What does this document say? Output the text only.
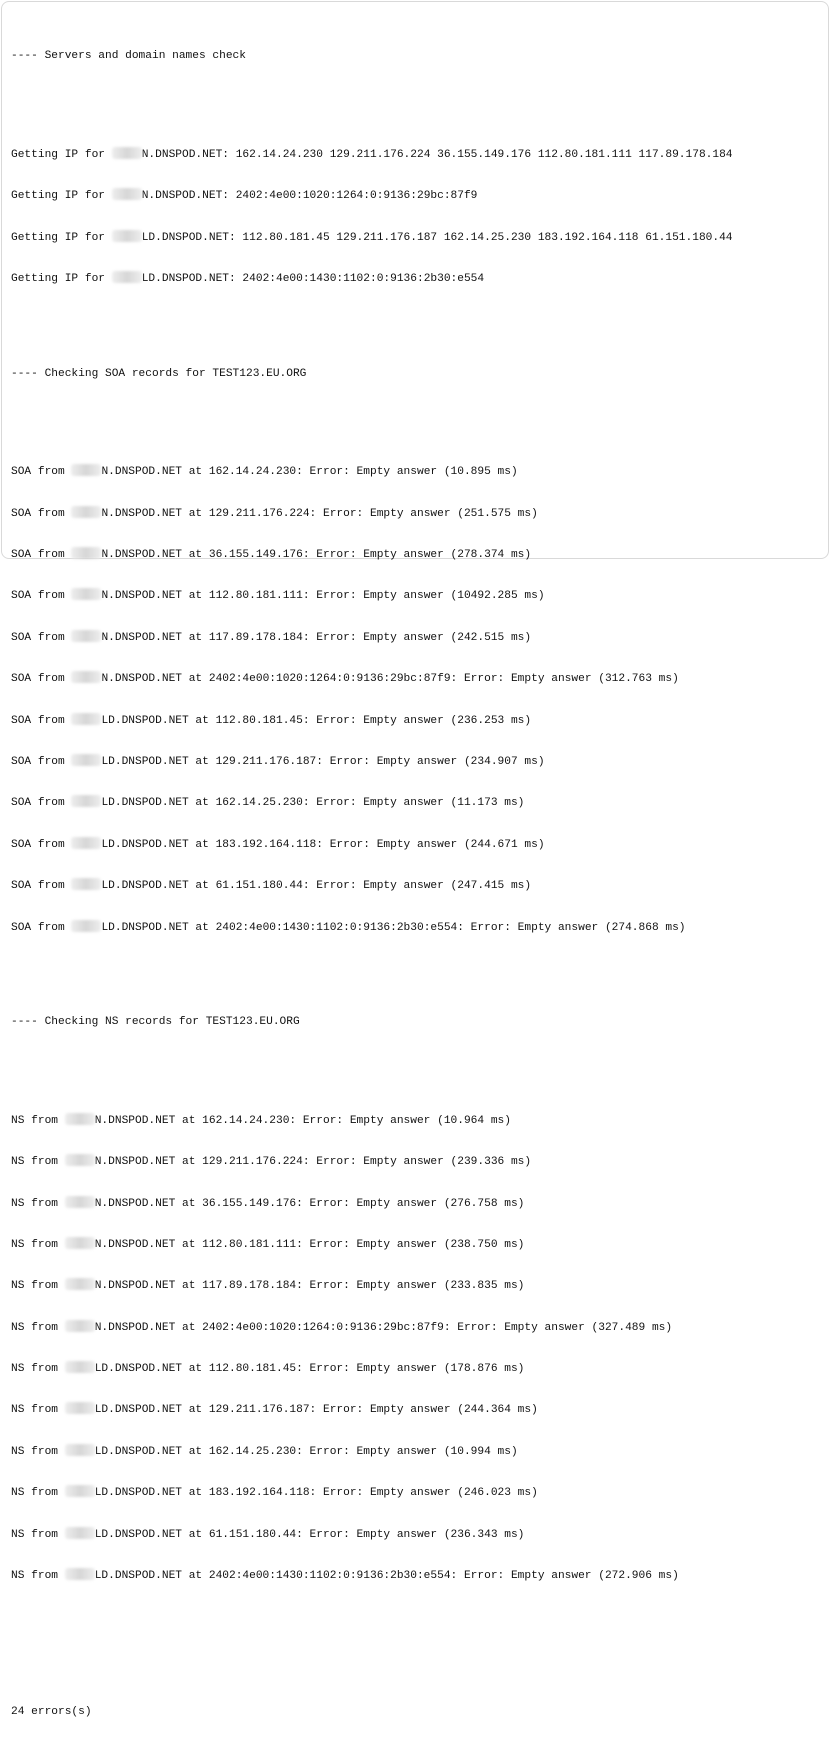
---- Servers and domain names check

Getting IP for	N.DNSPOD.NET: 162.14.24.230 129.211.176.224 36.155.149.176 112.80.181.111 117.89.178.184

Getting IP for	N.DNSPOD.NET: 2402:4e00:1020:1264:0:9136:29bc:87f9

Getting IP for	LD.DNSPOD.NET: 112.80.181.45 129.211.176.187 162.14.25.230 183.192.164.118 61.151.180.44

Getting IP for	LD.DNSPOD.NET: 2402:4e00:1430:1102:0:9136:2b30:e554

---- Checking SOA records for TEST123.EU.ORG

SOA from	N.DNSPOD.NET at 162.14.24.230: Error: Empty answer (10.895 ms)

SOA from	N.DNSPOD.NET at 129.211.176.224: Error: Empty answer (251.575 ms)

SOA from	N.DNSPOD.NET at 36.155.149.176: Error: Empty answer (278.374 ms)

SOA from	N.DNSPOD.NET at 112.80.181.111: Error: Empty answer (10492.285 ms)

SOA from	N.DNSPOD.NET at 117.89.178.184: Error: Empty answer (242.515 ms)

SOA from	N.DNSPOD.NET at 2402:4e00:1020:1264:0:9136:29bc:87f9: Error: Empty answer (312.763 ms)

SOA from	LD.DNSPOD.NET at 112.80.181.45: Error: Empty answer (236.253 ms)

SOA from	LD.DNSPOD.NET at 129.211.176.187: Error: Empty answer (234.907 ms)

SOA from	LD.DNSPOD.NET at 162.14.25.230: Error: Empty answer (11.173 ms)

SOA from	LD.DNSPOD.NET at 183.192.164.118: Error: Empty answer (244.671 ms)

SOA from	LD.DNSPOD.NET at 61.151.180.44: Error: Empty answer (247.415 ms)

SOA from	LD.DNSPOD.NET at 2402:4e00:1430:1102:0:9136:2b30:e554: Error: Empty answer (274.868 ms)

---- Checking NS records for TEST123.EU.ORG

NS from	N.DNSPOD.NET at 162.14.24.230: Error: Empty answer (10.964 ms)

NS from	N.DNSPOD.NET at 129.211.176.224: Error: Empty answer (239.336 ms)

NS from	N.DNSPOD.NET at 36.155.149.176: Error: Empty answer (276.758 ms)

NS from	N.DNSPOD.NET at 112.80.181.111: Error: Empty answer (238.750 ms)

NS from	N.DNSPOD.NET at 117.89.178.184: Error: Empty answer (233.835 ms)

NS from	N.DNSPOD.NET at 2402:4e00:1020:1264:0:9136:29bc:87f9: Error: Empty answer (327.489 ms)

NS from	LD.DNSPOD.NET at 112.80.181.45: Error: Empty answer (178.876 ms)

NS from	LD.DNSPOD.NET at 129.211.176.187: Error: Empty answer (244.364 ms)

NS from	LD.DNSPOD.NET at 162.14.25.230: Error: Empty answer (10.994 ms)

NS from	LD.DNSPOD.NET at 183.192.164.118: Error: Empty answer (246.023 ms)

NS from	LD.DNSPOD.NET at 61.151.180.44: Error: Empty answer (236.343 ms)

NS from	LD.DNSPOD.NET at 2402:4e00:1430:1102:0:9136:2b30:e554: Error: Empty answer (272.906 ms)

24 errors(s)
